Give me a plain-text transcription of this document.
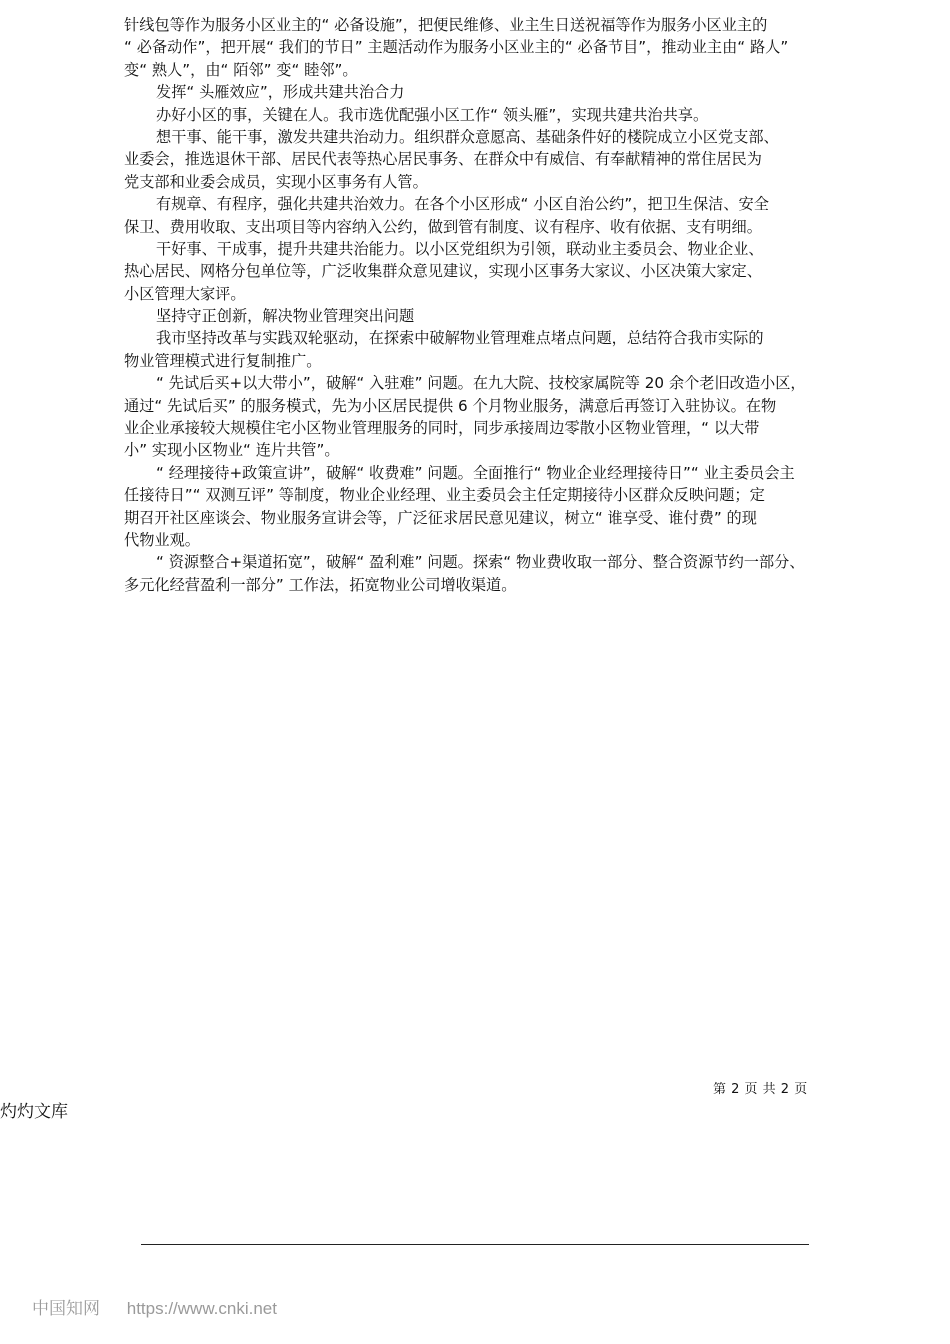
针线包等作为服务小区业主的“ 必备设施”，把便民维修、业主生日送祝福等作为服务小区业主的
“ 必备动作”，把开展“ 我们的节日” 主题活动作为服务小区业主的“ 必备节目”，推动业主由“ 路人”
变“ 熟人”，由“ 陌邻” 变“ 睦邻”。
发挥“ 头雁效应”，形成共建共治合力
办好小区的事，关键在人。我市选优配强小区工作“ 领头雁”，实现共建共治共享。
想干事、能干事，激发共建共治动力。组织群众意愿高、基础条件好的楼院成立小区党支部、
业委会，推选退休干部、居民代表等热心居民事务、在群众中有威信、有奉献精神的常住居民为
党支部和业委会成员，实现小区事务有人管。
有规章、有程序，强化共建共治效力。在各个小区形成“ 小区自治公约”，把卫生保洁、安全
保卫、费用收取、支出项目等内容纳入公约，做到管有制度、议有程序、收有依据、支有明细。
干好事、干成事，提升共建共治能力。以小区党组织为引领，联动业主委员会、物业企业、
热心居民、网格分包单位等，广泛收集群众意见建议，实现小区事务大家议、小区决策大家定、
小区管理大家评。
坚持守正创新，解决物业管理突出问题
我市坚持改革与实践双轮驱动，在探索中破解物业管理难点堵点问题，总结符合我市实际的
物业管理模式进行复制推广。
“ 先试后买+以大带小”，破解“ 入驻难” 问题。在九大院、技校家属院等 20 余个老旧改造小区，
通过“ 先试后买” 的服务模式，先为小区居民提供 6 个月物业服务，满意后再签订入驻协议。在物
业企业承接较大规模住宅小区物业管理服务的同时，同步承接周边零散小区物业管理，“ 以大带
小” 实现小区物业“ 连片共管”。
“ 经理接待+政策宣讲”，破解“ 收费难” 问题。全面推行“ 物业企业经理接待日”“ 业主委员会主
任接待日”“ 双测互评” 等制度，物业企业经理、业主委员会主任定期接待小区群众反映问题；定
期召开社区座谈会、物业服务宣讲会等，广泛征求居民意见建议，树立“ 谁享受、谁付费” 的现
代物业观。
“ 资源整合+渠道拓宽”，破解“ 盈利难” 问题。探索“ 物业费收取一部分、整合资源节约一部分、
多元化经营盈利一部分” 工作法，拓宽物业公司增收渠道。
第 2 页 共 2 页
灼灼文库
中国知网 https://www.cnki.net
